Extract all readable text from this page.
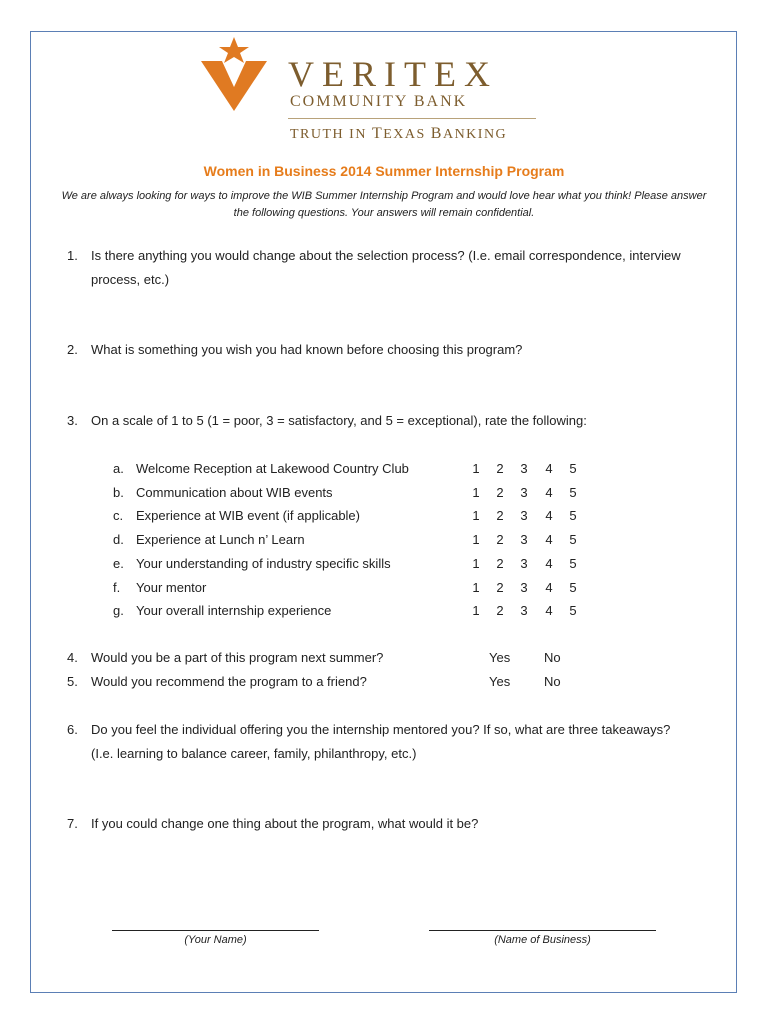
VERITEX
COMMUNITY BANK
TRUTH IN TEXAS BANKING
Women in Business 2014 Summer Internship Program
We are always looking for ways to improve the WIB Summer Internship Program and would love hear what you think! Please answer
the following questions. Your answers will remain confidential.
1. Is there anything you would change about the selection process? (I.e. email correspondence, interview
process, etc.)
2. What is something you wish you had known before choosing this program?
3. On a scale of 1 to 5 (1 = poor, 3 = satisfactory, and 5 = exceptional), rate the following:
a. Welcome Reception at Lakewood Country Club	1 2 3 4 5
b. Communication about WIB events	1 2 3 4 5
c. Experience at WIB event (if applicable)	1 2 3 4 5
d. Experience at Lunch n’ Learn	1 2 3 4 5
e. Your understanding of industry specific skills	1 2 3 4 5
f. Your mentor	1 2 3 4 5
g. Your overall internship experience	1 2 3 4 5
4. Would you be a part of this program next summer?	Yes	No
5. Would you recommend the program to a friend?	Yes	No
6. Do you feel the individual offering you the internship mentored you? If so, what are three takeaways?
(I.e. learning to balance career, family, philanthropy, etc.)
7. If you could change one thing about the program, what would it be?
(Your Name)	(Name of Business)
